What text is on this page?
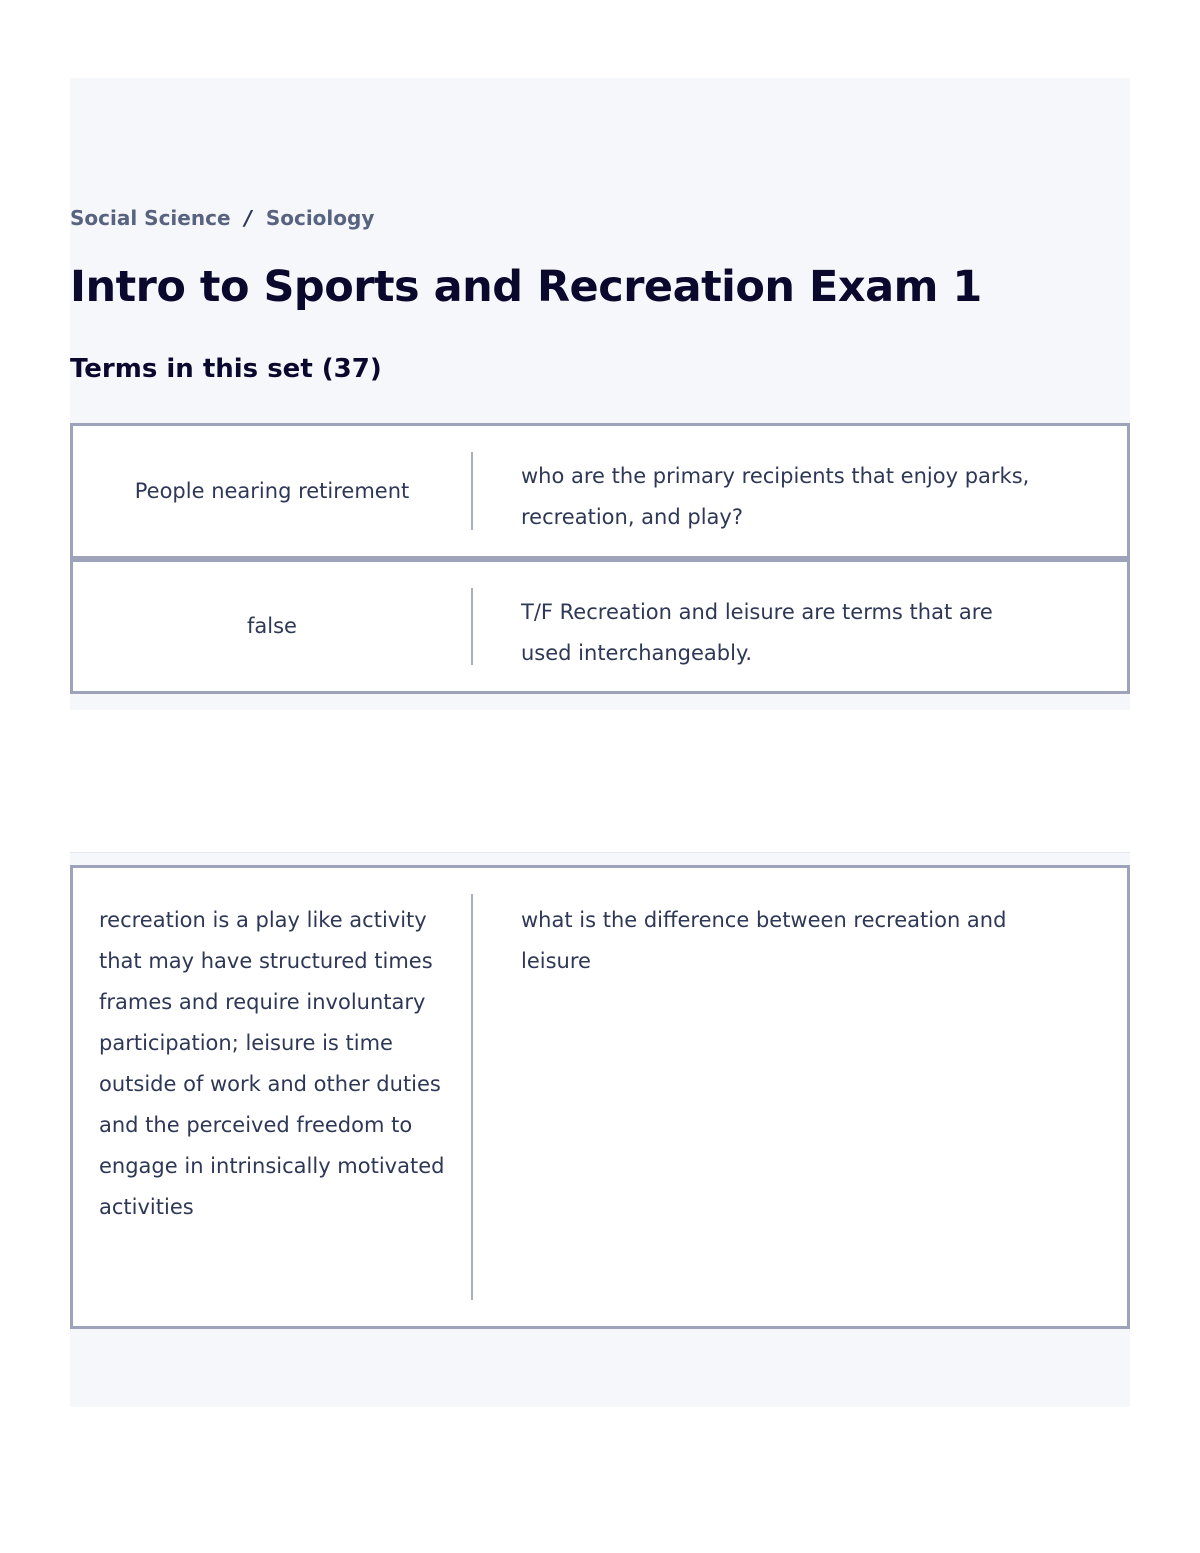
Social Science / Sociology
Intro to Sports and Recreation Exam 1
Terms in this set (37)
People nearing retirement
who are the primary recipients that enjoy parks, recreation, and play?
false
T/F Recreation and leisure are terms that are used interchangeably.
recreation is a play like activity that may have structured times frames and require involuntary participation; leisure is time outside of work and other duties and the perceived freedom to engage in intrinsically motivated activities
what is the difference between recreation and leisure
